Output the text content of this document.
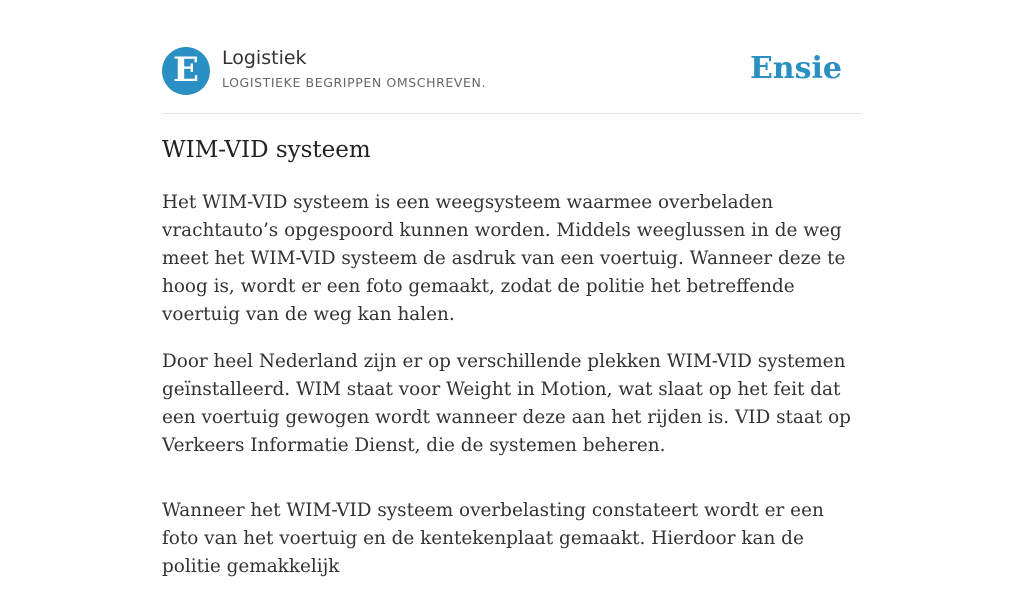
E Logistiek
LOGISTIEKE BEGRIPPEN OMSCHREVEN.	Ensie
WIM-VID systeem

Het WIM-VID systeem is een weegsysteem waarmee overbeladen vrachtauto’s opgespoord kunnen worden. Middels weeglussen in de weg meet het WIM-VID systeem de asdruk van een voertuig. Wanneer deze te hoog is, wordt er een foto gemaakt, zodat de politie het betreffende voertuig van de weg kan halen.

Door heel Nederland zijn er op verschillende plekken WIM-VID systemen geïnstalleerd. WIM staat voor Weight in Motion, wat slaat op het feit dat een voertuig gewogen wordt wanneer deze aan het rijden is. VID staat op Verkeers Informatie Dienst, die de systemen beheren.

Wanneer het WIM-VID systeem overbelasting constateert wordt er een foto van het voertuig en de kentekenplaat gemaakt. Hierdoor kan de politie gemakkelijk
